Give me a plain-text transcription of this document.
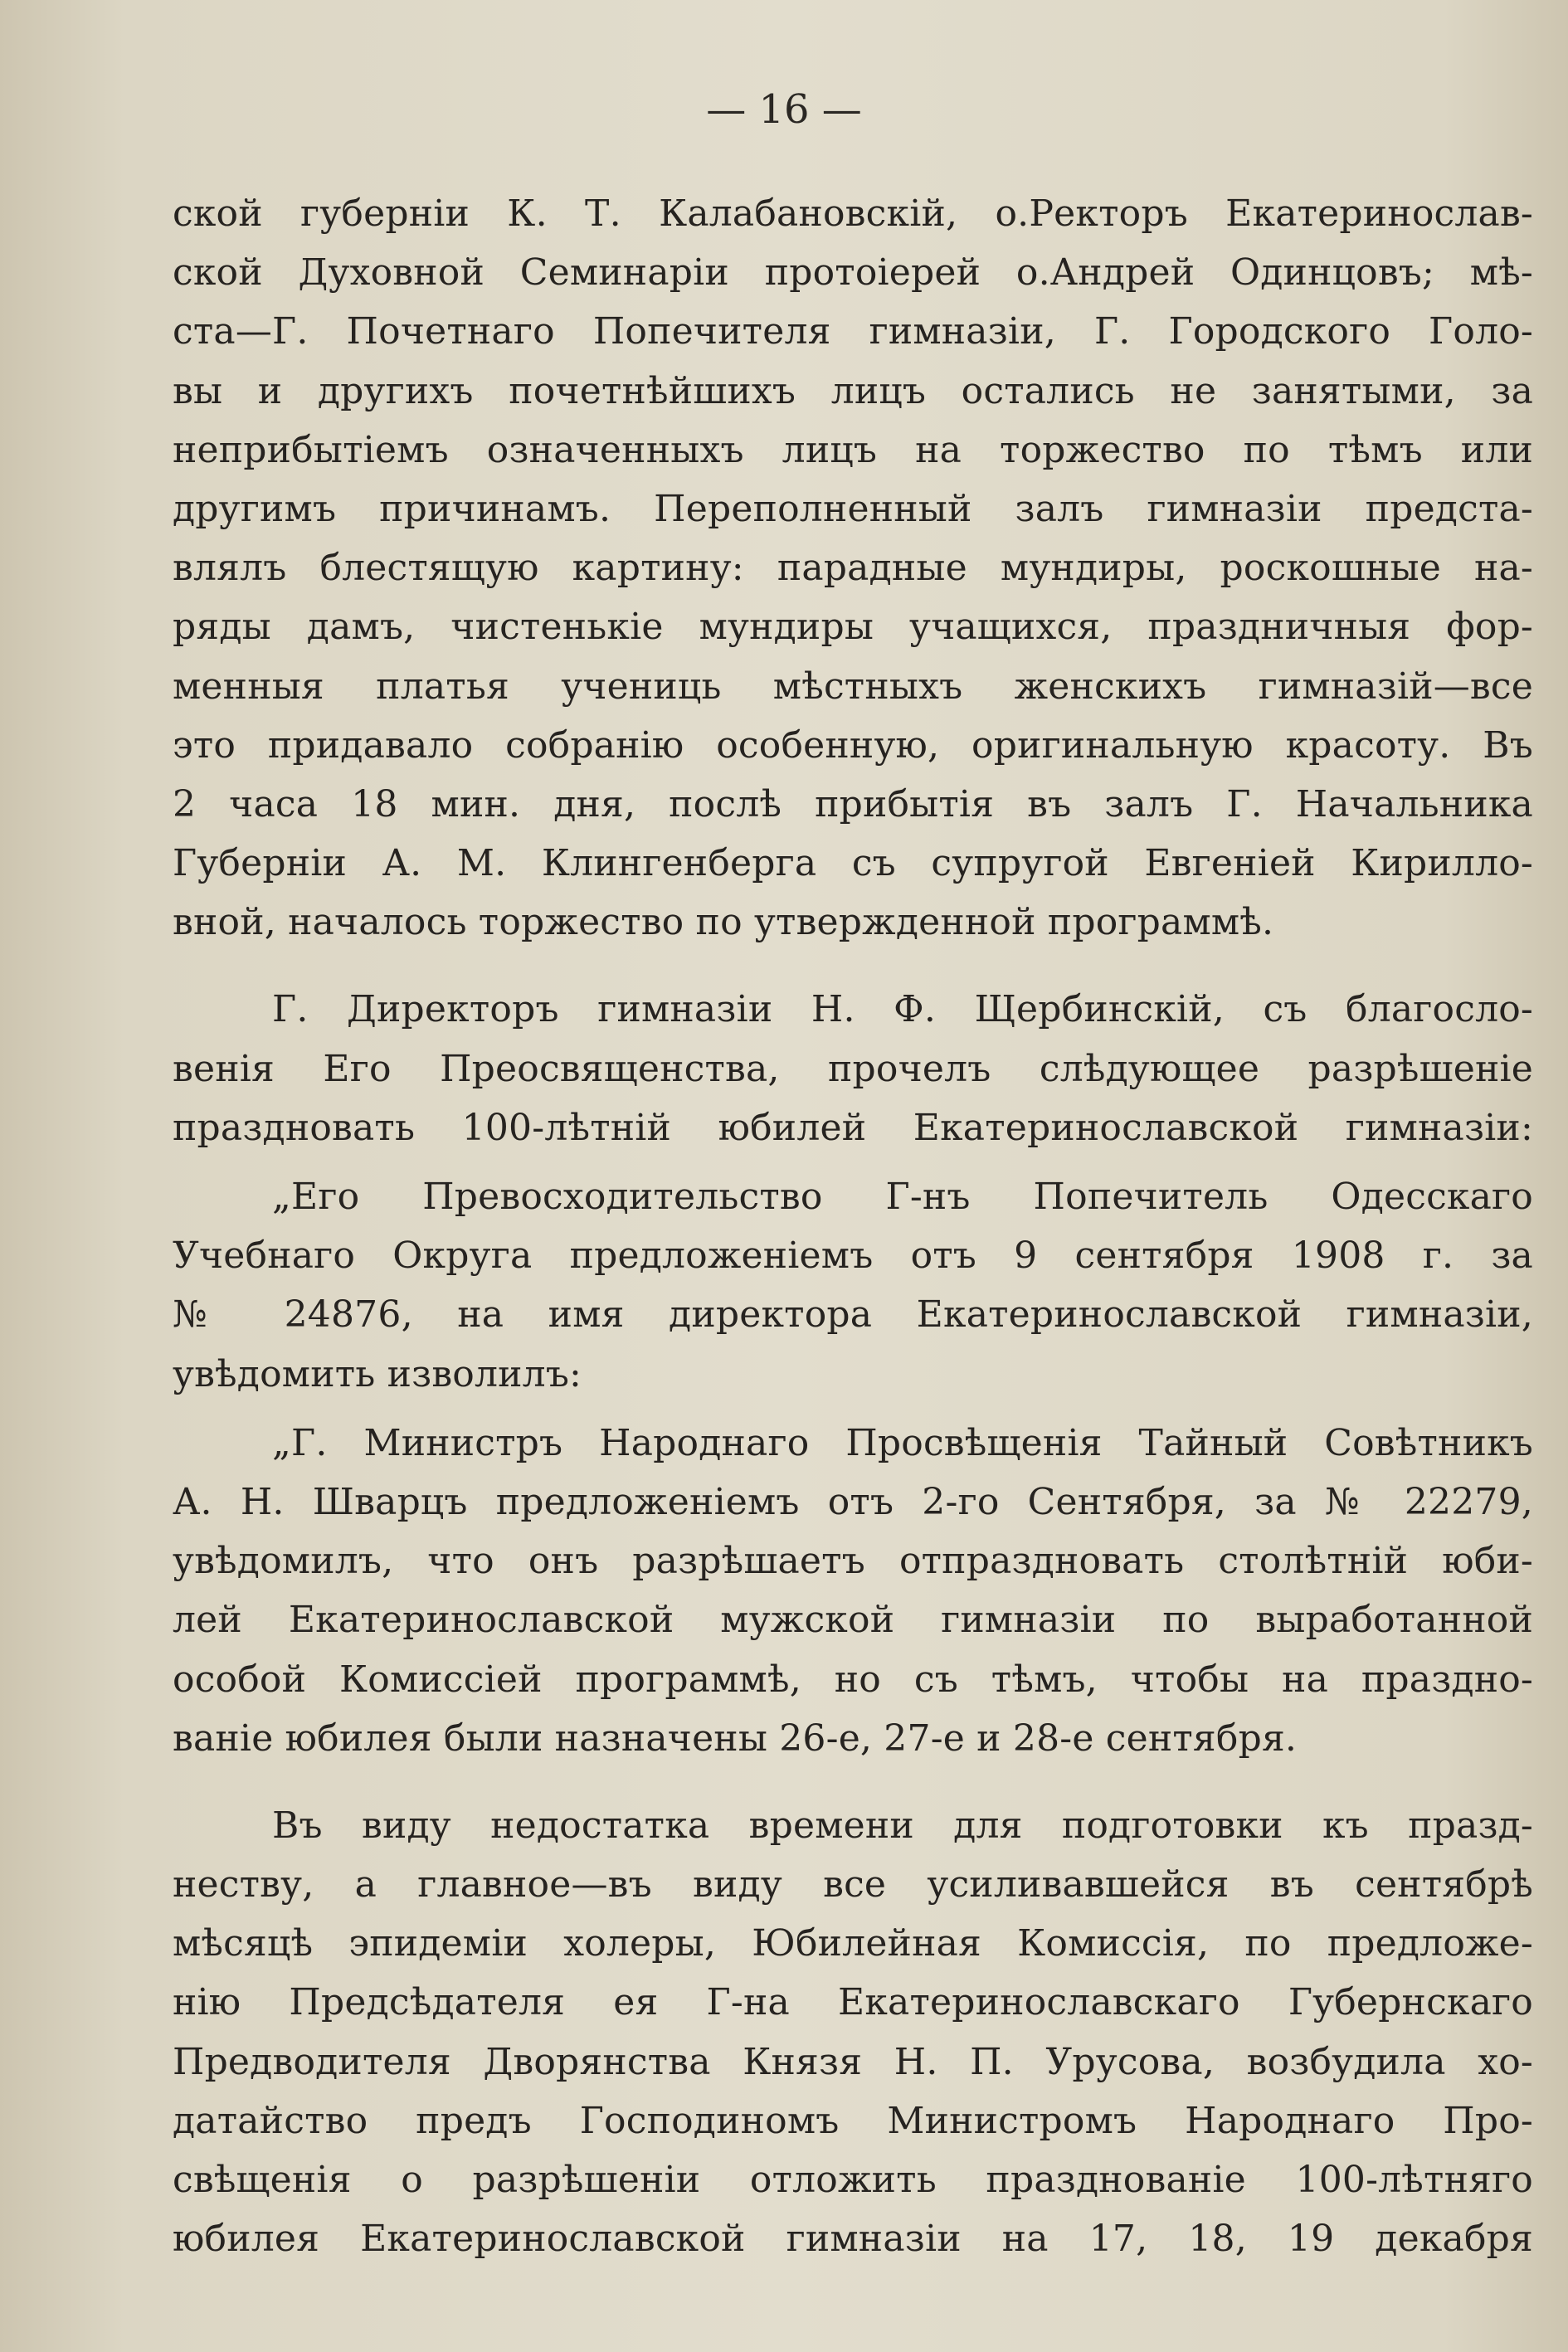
— 16 —
ской губерніи К. Т. Калабановскій, о.Ректоръ Екатеринослав-
ской Духовной Семинаріи протоіерей о.Андрей Одинцовъ; мѣ-
ста—Г. Почетнаго Попечителя гимназіи, Г. Городского Голо-
вы и другихъ почетнѣйшихъ лицъ остались не занятыми, за
неприбытіемъ означенныхъ лицъ на торжество по тѣмъ или
другимъ причинамъ. Переполненный залъ гимназіи предста-
влялъ блестящую картину: парадные мундиры, роскошные на-
ряды дамъ, чистенькіе мундиры учащихся, праздничныя фор-
менныя платья учениць мѣстныхъ женскихъ гимназій—все
это придавало собранію особенную, оригинальную красоту. Въ
2 часа 18 мин. дня, послѣ прибытія въ залъ Г. Начальника
Губерніи А. М. Клингенберга съ супругой Евгеніей Кирилло-
вной, началось торжество по утвержденной программѣ.
Г. Директоръ гимназіи Н. Ф. Щербинскій, съ благосло-
венія Его Преосвященства, прочелъ слѣдующее разрѣшеніе
праздновать 100-лѣтній юбилей Екатеринославской гимназіи:
„Его Превосходительство Г-нъ Попечитель Одесскаго
Учебнаго Округа предложеніемъ отъ 9 сентября 1908 г. за
№ 24876, на имя директора Екатеринославской гимназіи,
увѣдомить изволилъ:
„Г. Министръ Народнаго Просвѣщенія Тайный Совѣтникъ
А. Н. Шварцъ предложеніемъ отъ 2-го Сентября, за № 22279,
увѣдомилъ, что онъ разрѣшаетъ отпраздновать столѣтній юби-
лей Екатеринославской мужской гимназіи по выработанной
особой Комиссіей программѣ, но съ тѣмъ, чтобы на праздно-
ваніе юбилея были назначены 26-е, 27-е и 28-е сентября.
Въ виду недостатка времени для подготовки къ празд-
неству, а главное—въ виду все усиливавшейся въ сентябрѣ
мѣсяцѣ эпидеміи холеры, Юбилейная Комиссія, по предложе-
нію Предсѣдателя ея Г-на Екатеринославскаго Губернскаго
Предводителя Дворянства Князя Н. П. Урусова, возбудила хо-
датайство предъ Господиномъ Министромъ Народнаго Про-
свѣщенія о разрѣшеніи отложить празднованіе 100-лѣтняго
юбилея Екатеринославской гимназіи на 17, 18, 19 декабря
